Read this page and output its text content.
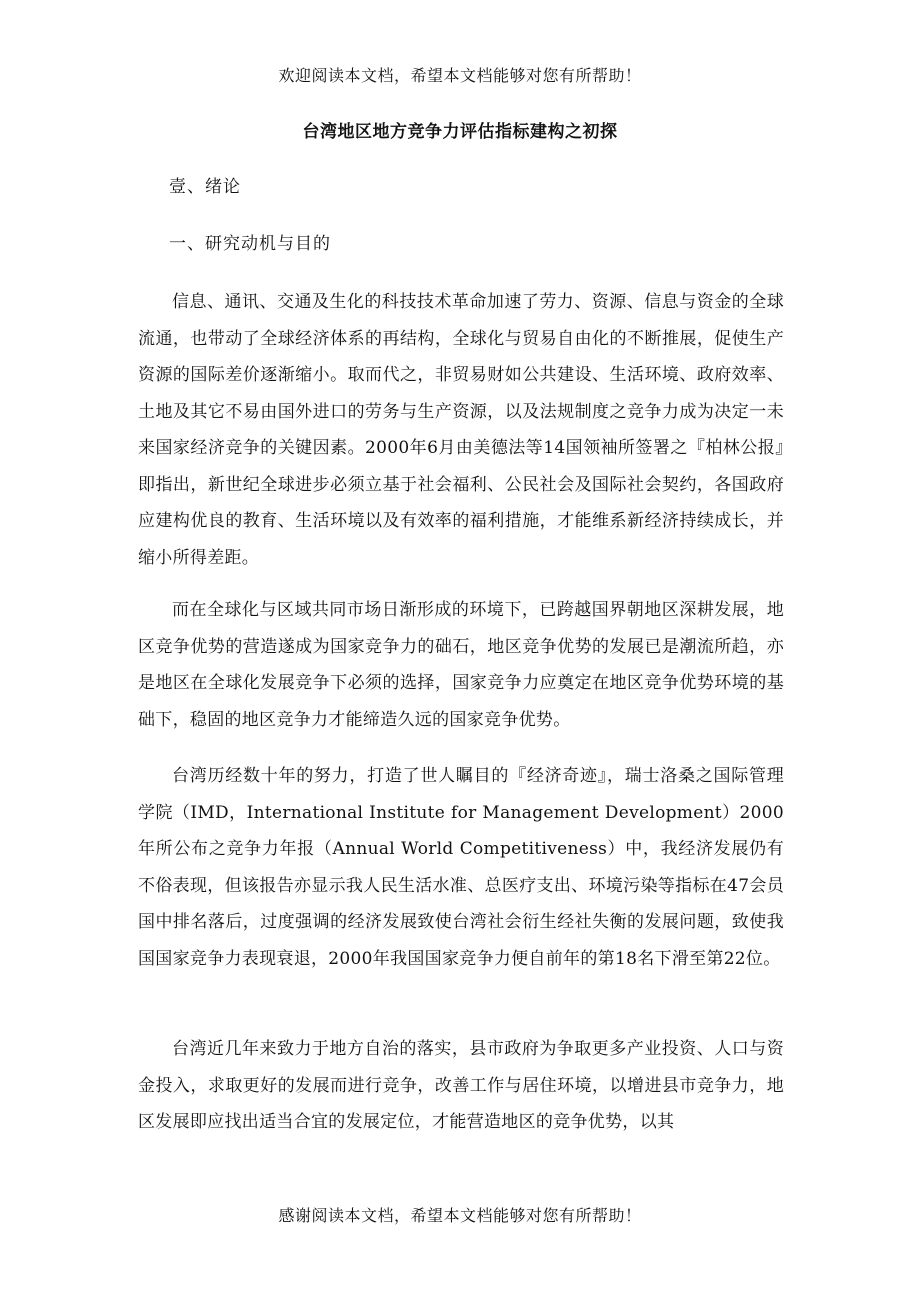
欢迎阅读本文档，希望本文档能够对您有所帮助！
台湾地区地方竞争力评估指标建构之初探
壹、绪论
一、研究动机与目的

信息、通讯、交通及生化的科技技术革命加速了劳力、资源、信息与资金的全球流通，也带动了全球经济体系的再结构，全球化与贸易自由化的不断推展，促使生产资源的国际差价逐渐缩小。取而代之，非贸易财如公共建设、生活环境、政府效率、土地及其它不易由国外进口的劳务与生产资源，以及法规制度之竞争力成为决定一未来国家经济竞争的关键因素。2000年6月由美德法等14国领袖所签署之『柏林公报』即指出，新世纪全球进步必须立基于社会福利、公民社会及国际社会契约，各国政府应建构优良的教育、生活环境以及有效率的福利措施，才能维系新经济持续成长，并缩小所得差距。

而在全球化与区域共同市场日渐形成的环境下，已跨越国界朝地区深耕发展，地区竞争优势的营造遂成为国家竞争力的础石，地区竞争优势的发展已是潮流所趋，亦是地区在全球化发展竞争下必须的选择，国家竞争力应奠定在地区竞争优势环境的基础下，稳固的地区竞争力才能缔造久远的国家竞争优势。

台湾历经数十年的努力，打造了世人瞩目的『经济奇迹』，瑞士洛桑之国际管理学院（IMD，International Institute for Management Development）2000年所公布之竞争力年报（Annual World Competitiveness）中，我经济发展仍有不俗表现，但该报告亦显示我人民生活水准、总医疗支出、环境污染等指标在47会员国中排名落后，过度强调的经济发展致使台湾社会衍生经社失衡的发展问题，致使我国国家竞争力表现衰退，2000年我国国家竞争力便自前年的第18名下滑至第22位。

台湾近几年来致力于地方自治的落实，县市政府为争取更多产业投资、人口与资金投入，求取更好的发展而进行竞争，改善工作与居住环境，以增进县市竞争力，地区发展即应找出适当合宜的发展定位，才能营造地区的竞争优势，以其

感谢阅读本文档，希望本文档能够对您有所帮助！
